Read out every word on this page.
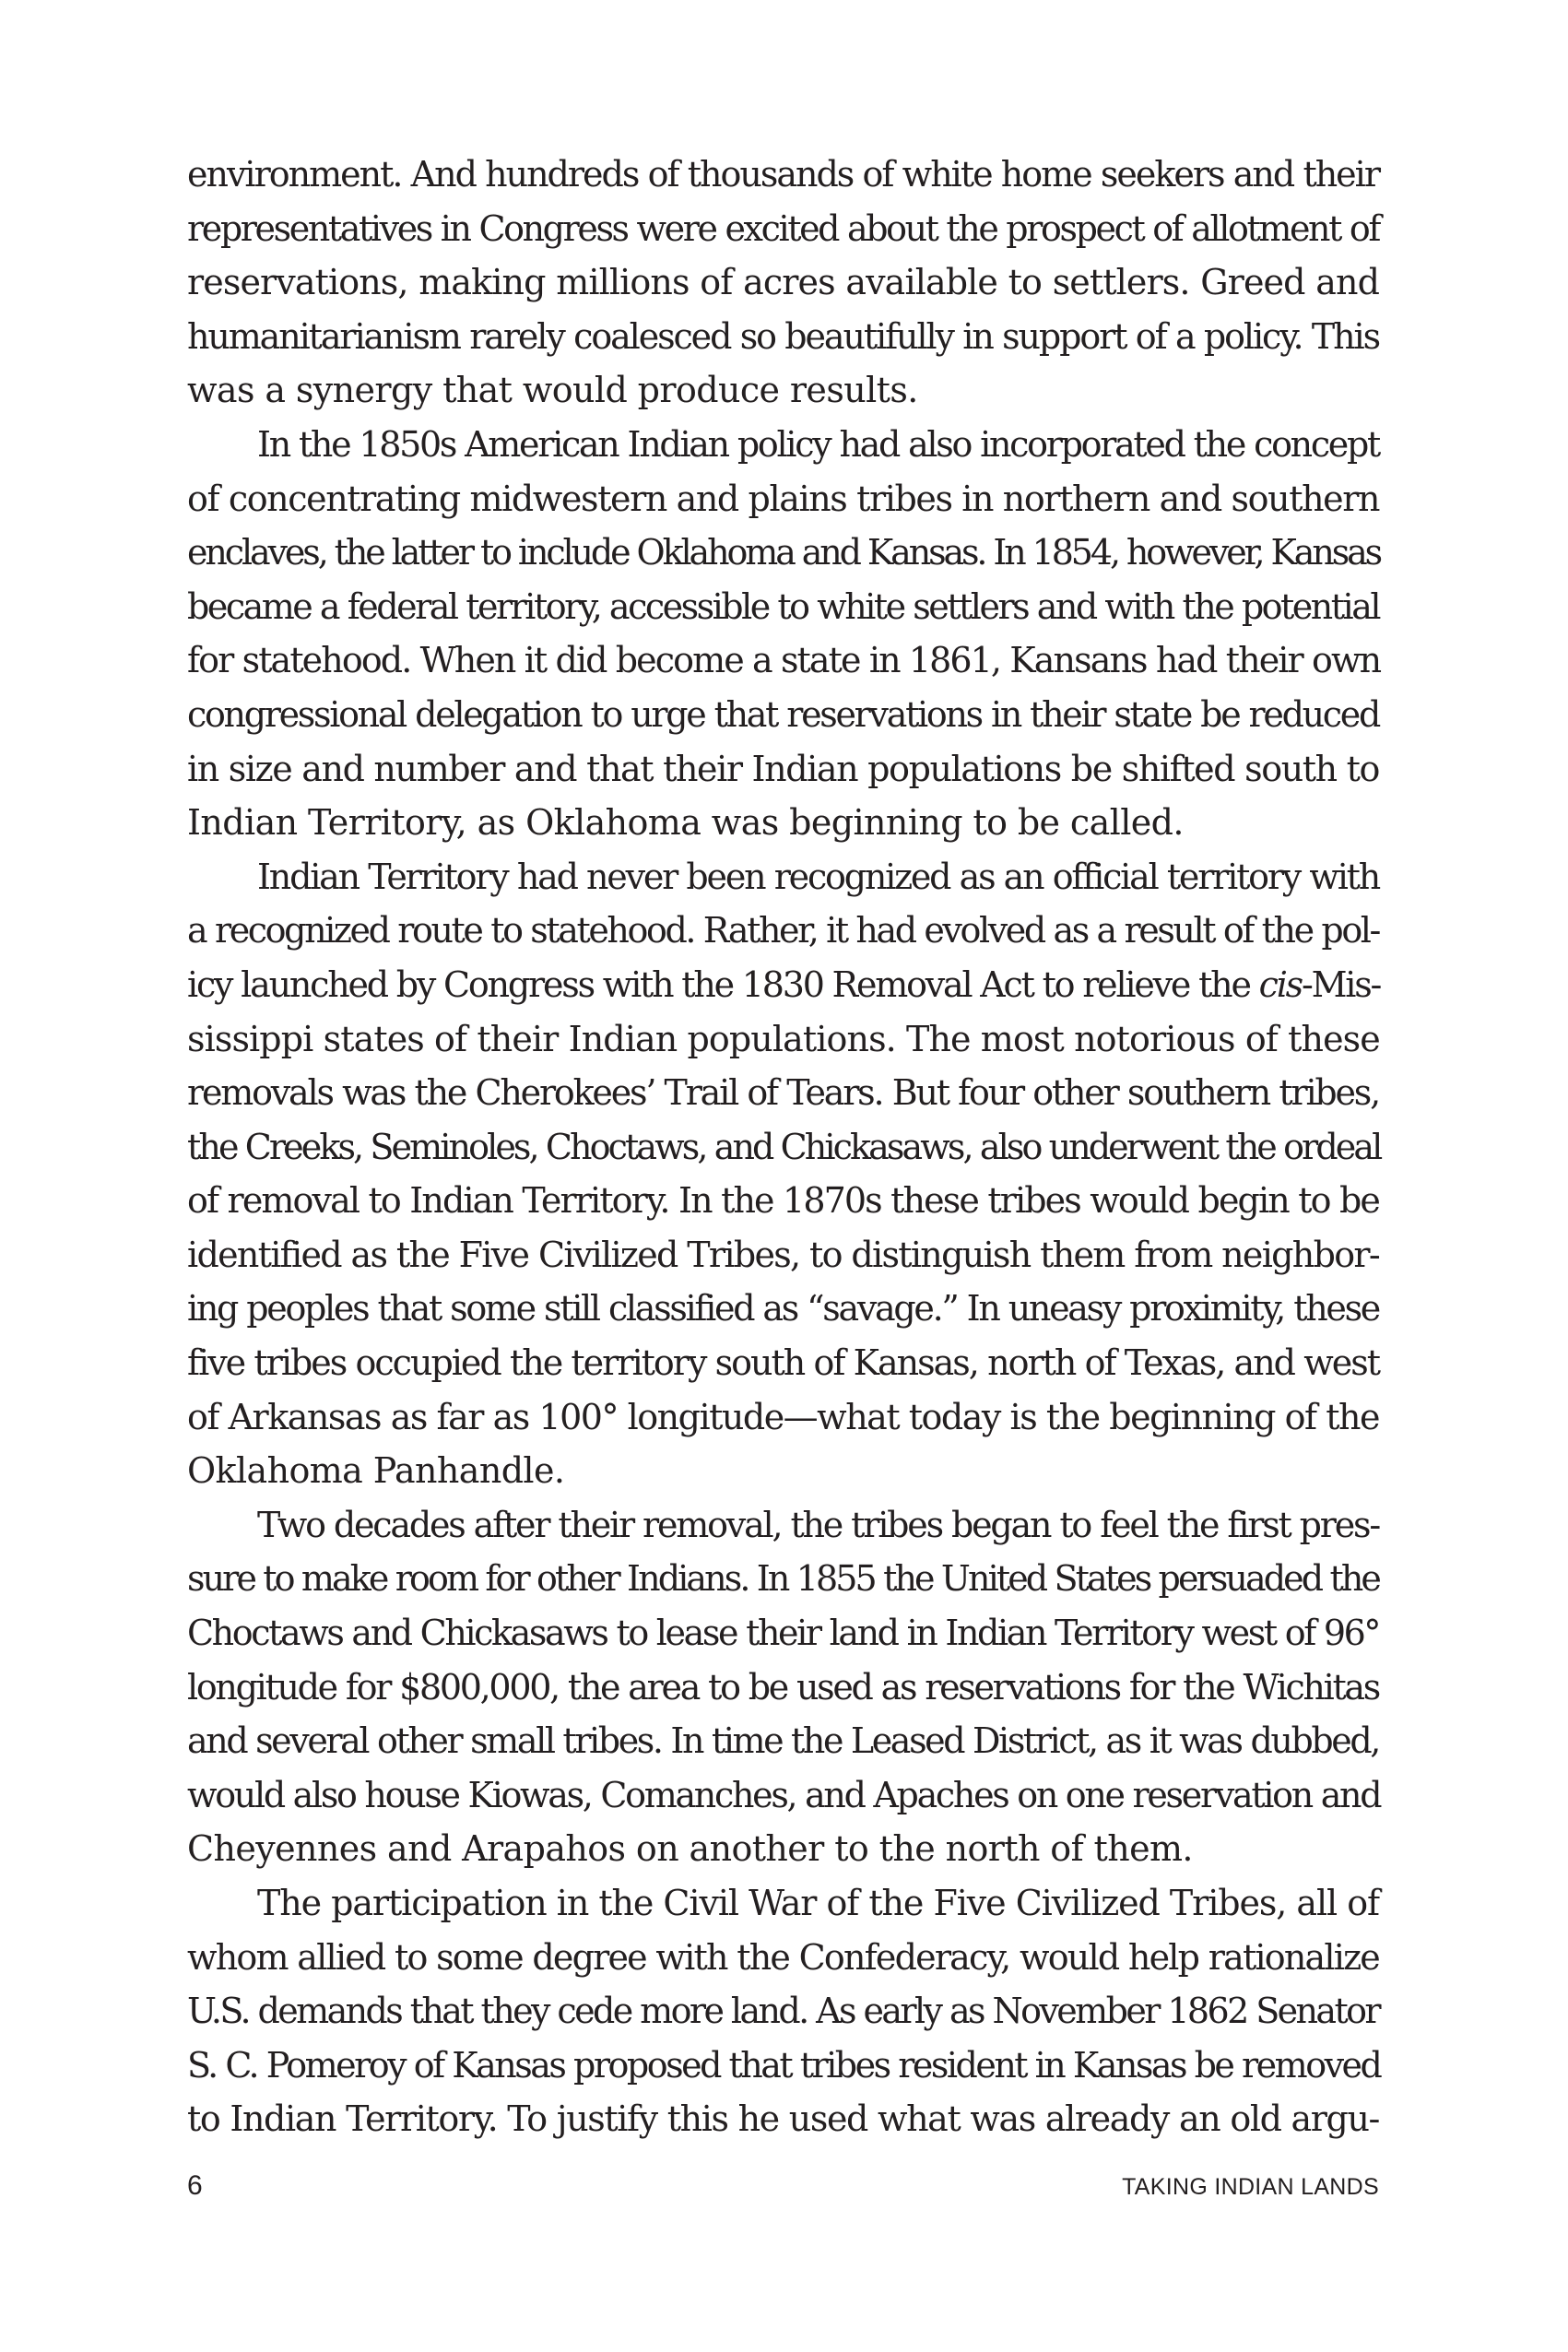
environment. And hundreds of thousands of white home seekers and their
representatives in Congress were excited about the prospect of allotment of
reservations, making millions of acres available to settlers. Greed and
humanitarianism rarely coalesced so beautifully in support of a policy. This
was a synergy that would produce results.
In the 1850s American Indian policy had also incorporated the concept
of concentrating midwestern and plains tribes in northern and southern
enclaves, the latter to include Oklahoma and Kansas. In 1854, however, Kansas
became a federal territory, accessible to white settlers and with the potential
for statehood. When it did become a state in 1861, Kansans had their own
congressional delegation to urge that reservations in their state be reduced
in size and number and that their Indian populations be shifted south to
Indian Territory, as Oklahoma was beginning to be called.
Indian Territory had never been recognized as an official territory with
a recognized route to statehood. Rather, it had evolved as a result of the pol-
icy launched by Congress with the 1830 Removal Act to relieve the cis-Mis-
sissippi states of their Indian populations. The most notorious of these
removals was the Cherokees’ Trail of Tears. But four other southern tribes,
the Creeks, Seminoles, Choctaws, and Chickasaws, also underwent the ordeal
of removal to Indian Territory. In the 1870s these tribes would begin to be
identified as the Five Civilized Tribes, to distinguish them from neighbor-
ing peoples that some still classified as “savage.” In uneasy proximity, these
five tribes occupied the territory south of Kansas, north of Texas, and west
of Arkansas as far as 100° longitude—what today is the beginning of the
Oklahoma Panhandle.
Two decades after their removal, the tribes began to feel the first pres-
sure to make room for other Indians. In 1855 the United States persuaded the
Choctaws and Chickasaws to lease their land in Indian Territory west of 96°
longitude for $800,000, the area to be used as reservations for the Wichitas
and several other small tribes. In time the Leased District, as it was dubbed,
would also house Kiowas, Comanches, and Apaches on one reservation and
Cheyennes and Arapahos on another to the north of them.
The participation in the Civil War of the Five Civilized Tribes, all of
whom allied to some degree with the Confederacy, would help rationalize
U.S. demands that they cede more land. As early as November 1862 Senator
S. C. Pomeroy of Kansas proposed that tribes resident in Kansas be removed
to Indian Territory. To justify this he used what was already an old argu-
6	TAKING INDIAN LANDS
